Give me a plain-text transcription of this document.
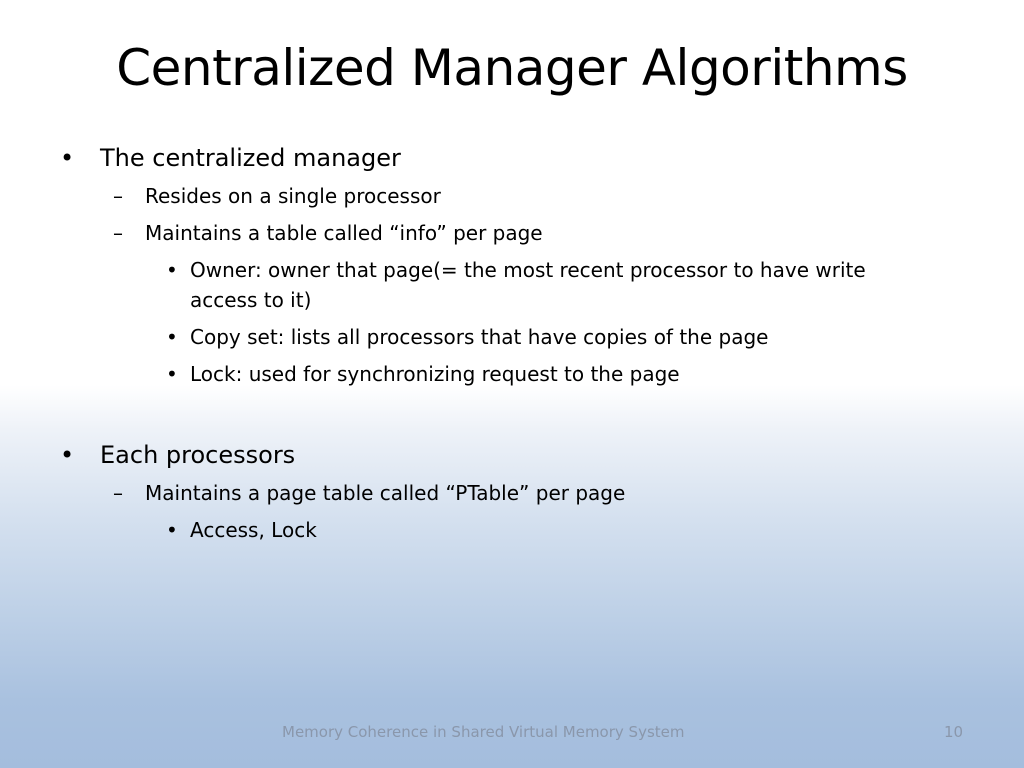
Centralized Manager Algorithms
• The centralized manager
– Resides on a single processor
– Maintains a table called “info” per page
• Owner: owner that page(= the most recent processor to have write
access to it)
• Copy set: lists all processors that have copies of the page
• Lock: used for synchronizing request to the page
• Each processors
– Maintains a page table called “PTable” per page
• Access, Lock
Memory Coherence in Shared Virtual Memory System	10
